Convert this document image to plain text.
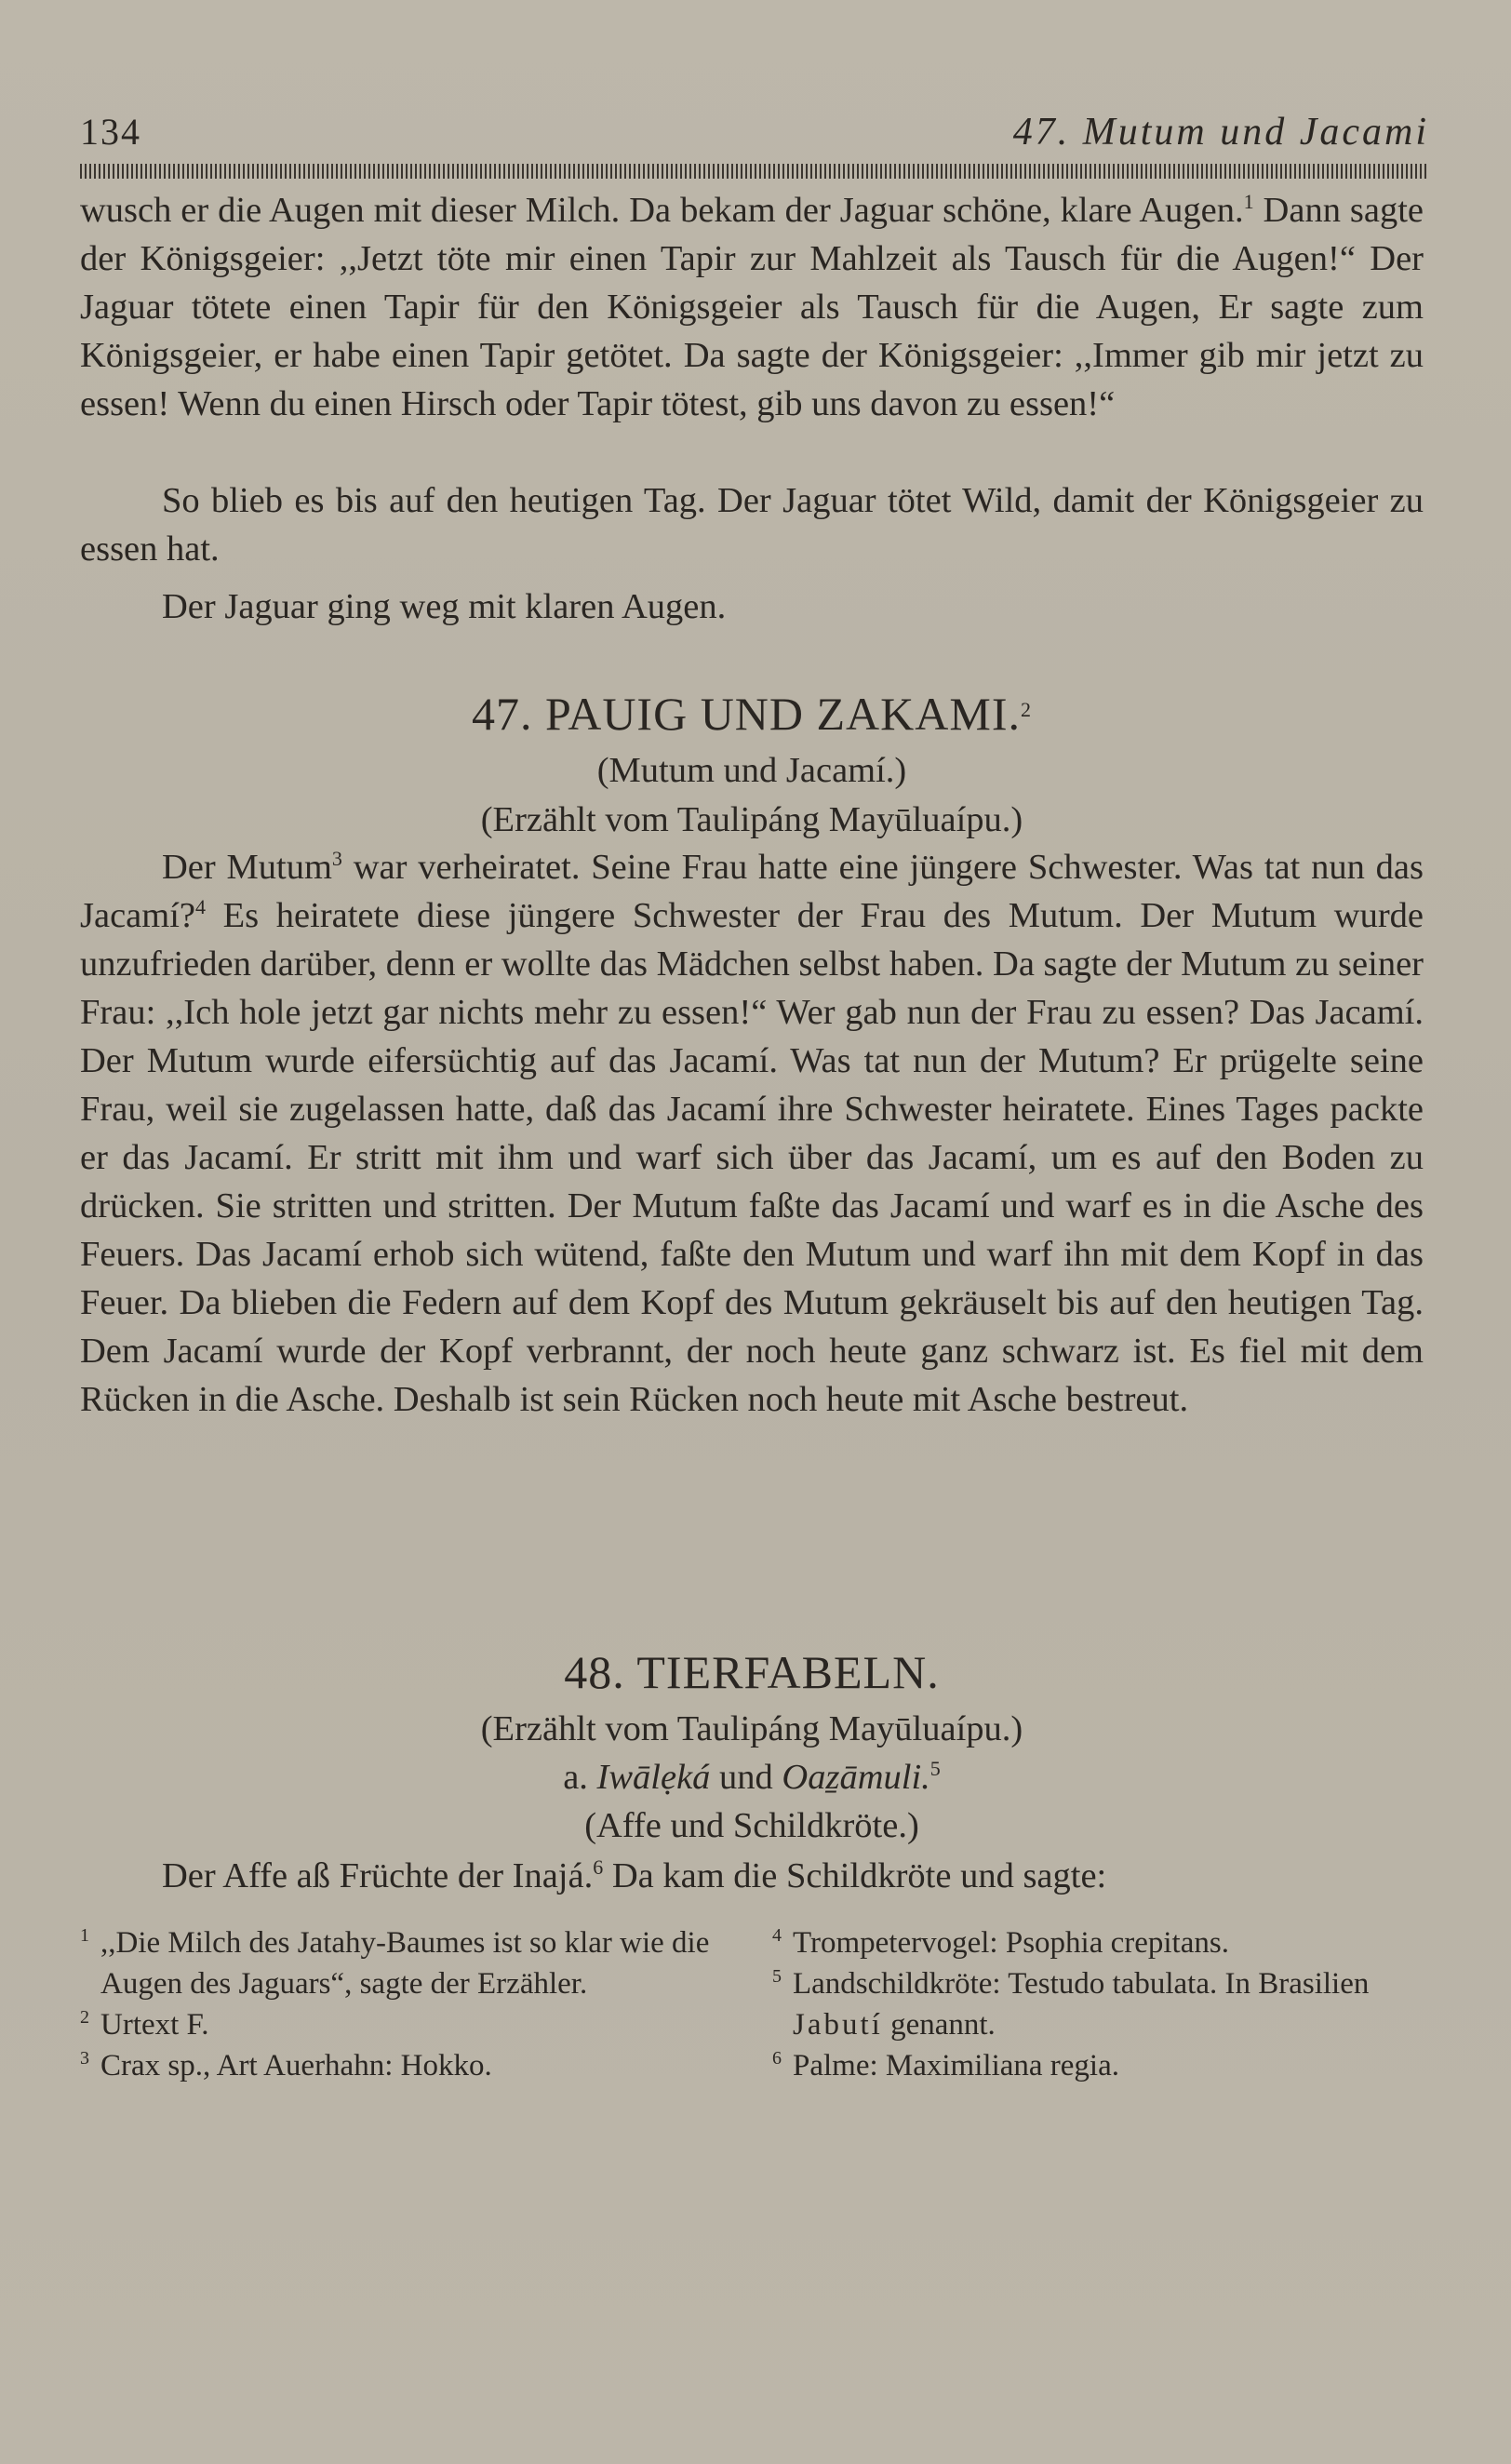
134	47. Mutum und Jacami

wusch er die Augen mit dieser Milch. Da bekam der Jaguar schöne, klare Augen.$^1$ Dann sagte der Königsgeier: ,,Jetzt töte mir einen Tapir zur Mahlzeit als Tausch für die Augen!“ Der Jaguar tötete einen Tapir für den Königsgeier als Tausch für die Augen, Er sagte zum Königsgeier, er habe einen Tapir getötet. Da sagte der Königsgeier: ,,Immer gib mir jetzt zu essen! Wenn du einen Hirsch oder Tapir tötest, gib uns davon zu essen!“

So blieb es bis auf den heutigen Tag. Der Jaguar tötet Wild, damit der Königsgeier zu essen hat.

Der Jaguar ging weg mit klaren Augen.

47. PAUIG UND ZAKAMI.$^2$

(Mutum und Jacamí.)

(Erzählt vom Taulipáng Mayūluaípu.)

Der Mutum$^3$ war verheiratet. Seine Frau hatte eine jüngere Schwester. Was tat nun das Jacamí?$^4$ Es heiratete diese jüngere Schwester der Frau des Mutum. Der Mutum wurde unzufrieden darüber, denn er wollte das Mädchen selbst haben. Da sagte der Mutum zu seiner Frau: ,,Ich hole jetzt gar nichts mehr zu essen!“ Wer gab nun der Frau zu essen? Das Jacamí. Der Mutum wurde eifersüchtig auf das Jacamí. Was tat nun der Mutum? Er prügelte seine Frau, weil sie zugelassen hatte, daß das Jacamí ihre Schwester heiratete. Eines Tages packte er das Jacamí. Er stritt mit ihm und warf sich über das Jacamí, um es auf den Boden zu drücken. Sie stritten und stritten. Der Mutum faßte das Jacamí und warf es in die Asche des Feuers. Das Jacamí erhob sich wütend, faßte den Mutum und warf ihn mit dem Kopf in das Feuer. Da blieben die Federn auf dem Kopf des Mutum gekräuselt bis auf den heutigen Tag. Dem Jacamí wurde der Kopf verbrannt, der noch heute ganz schwarz ist. Es fiel mit dem Rücken in die Asche. Deshalb ist sein Rücken noch heute mit Asche bestreut.

48. TIERFABELN.

(Erzählt vom Taulipáng Mayūluaípu.)

a. Iwālẹká und Oaẕāmuli.$^5$

(Affe und Schildkröte.)

Der Affe aß Früchte der Inajá.$^6$ Da kam die Schildkröte und sagte:

1 ,,Die Milch des Jatahy-Baumes ist so klar wie die Augen des Jaguars“, sagte der Erzähler.

2 Urtext F.

3 Crax sp., Art Auerhahn: Hokko.

4 Trompetervogel: Psophia crepitans.

5 Landschildkröte: Testudo tabulata. In Brasilien Jabutí genannt.

6 Palme: Maximiliana regia.
